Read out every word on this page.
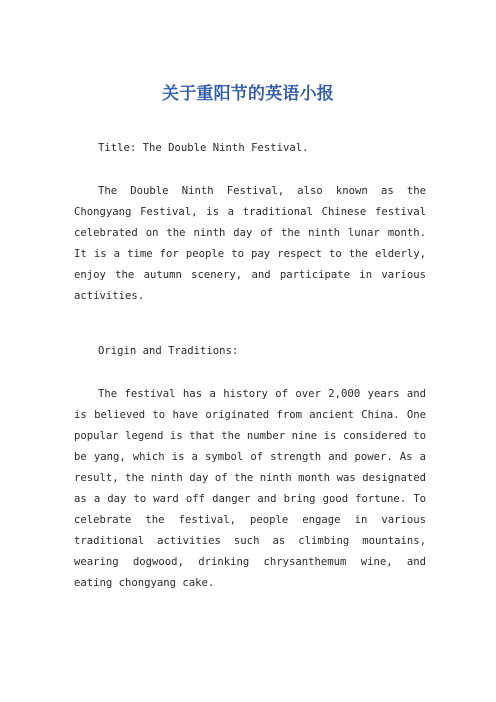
关于重阳节的英语小报

Title: The Double Ninth Festival.

The Double Ninth Festival, also known as the Chongyang Festival, is a traditional Chinese festival celebrated on the ninth day of the ninth lunar month. It is a time for people to pay respect to the elderly, enjoy the autumn scenery, and participate in various activities.

Origin and Traditions:

The festival has a history of over 2,000 years and is believed to have originated from ancient China. One popular legend is that the number nine is considered to be yang, which is a symbol of strength and power. As a result, the ninth day of the ninth month was designated as a day to ward off danger and bring good fortune. To celebrate the festival, people engage in various traditional activities such as climbing mountains, wearing dogwood, drinking chrysanthemum wine, and eating chongyang cake.
